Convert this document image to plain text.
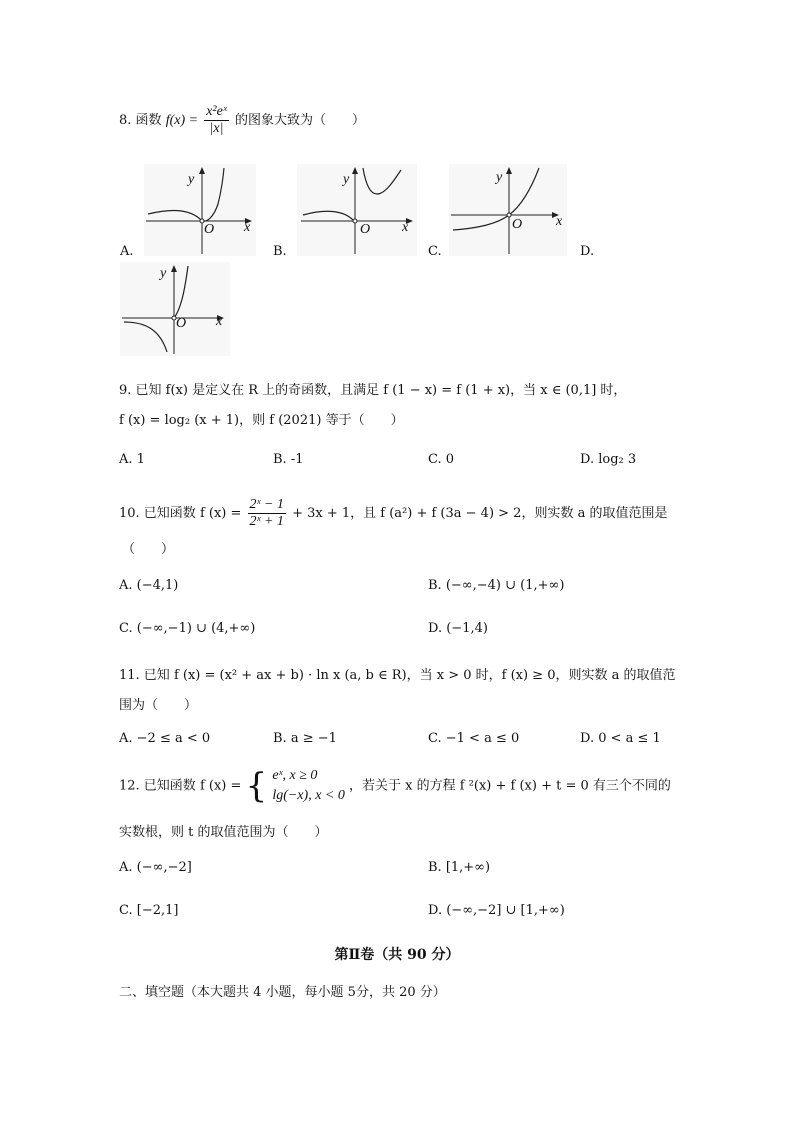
8. 函数 $f(x) = \frac{\text{x²eˣ}}{|x|}$ 的图象大致为（　　）
y
O x
A.
y
O x
B.
y
O x
C.	D.
y
O x
9. 已知 f(x) 是定义在 R 上的奇函数，且满足 f (1 − x) = f (1 + x)，当 x ∈ (0,1] 时，
f (x) = log₂ (x + 1)，则 f (2021) 等于（　　）
A. 1	B. -1	C. 0	D. log₂ 3
10. 已知函数 f $(x) = \frac{\text{2ˣ − 1}}{\text{2ˣ + 1}} + 3x + 1$，且 f (a²) + f (3a − 4) > 2，则实数 a 的取值范围是
（　　）
A. (−4,1)	B. (−∞,−4) ∪ (1,+∞)
C. (−∞,−1) ∪ (4,+∞)	D. (−1,4)
11. 已知 f (x) = (x² + ax + b) · ln x (a, b ∈ R)，当 x > 0 时，f (x) ≥ 0，则实数 a 的取值范
围为（　　）
A. −2 ≤ a < 0	B. a ≥ −1	C. −1 < a ≤ 0	D. 0 < a ≤ 1
12. 已知函数 f (x) = { eˣ, x ≥ 0
lg(−x), x < 0
，若关于 x 的方程 f ²(x) + f (x) + t = 0 有三个不同的
实数根，则 t 的取值范围为（　　）
A. (−∞,−2]	B. [1,+∞)
C. [−2,1]	D. (−∞,−2] ∪ [1,+∞)
第Ⅱ卷（共 90 分）
二、填空题（本大题共 4 小题，每小题 5分，共 20 分）
